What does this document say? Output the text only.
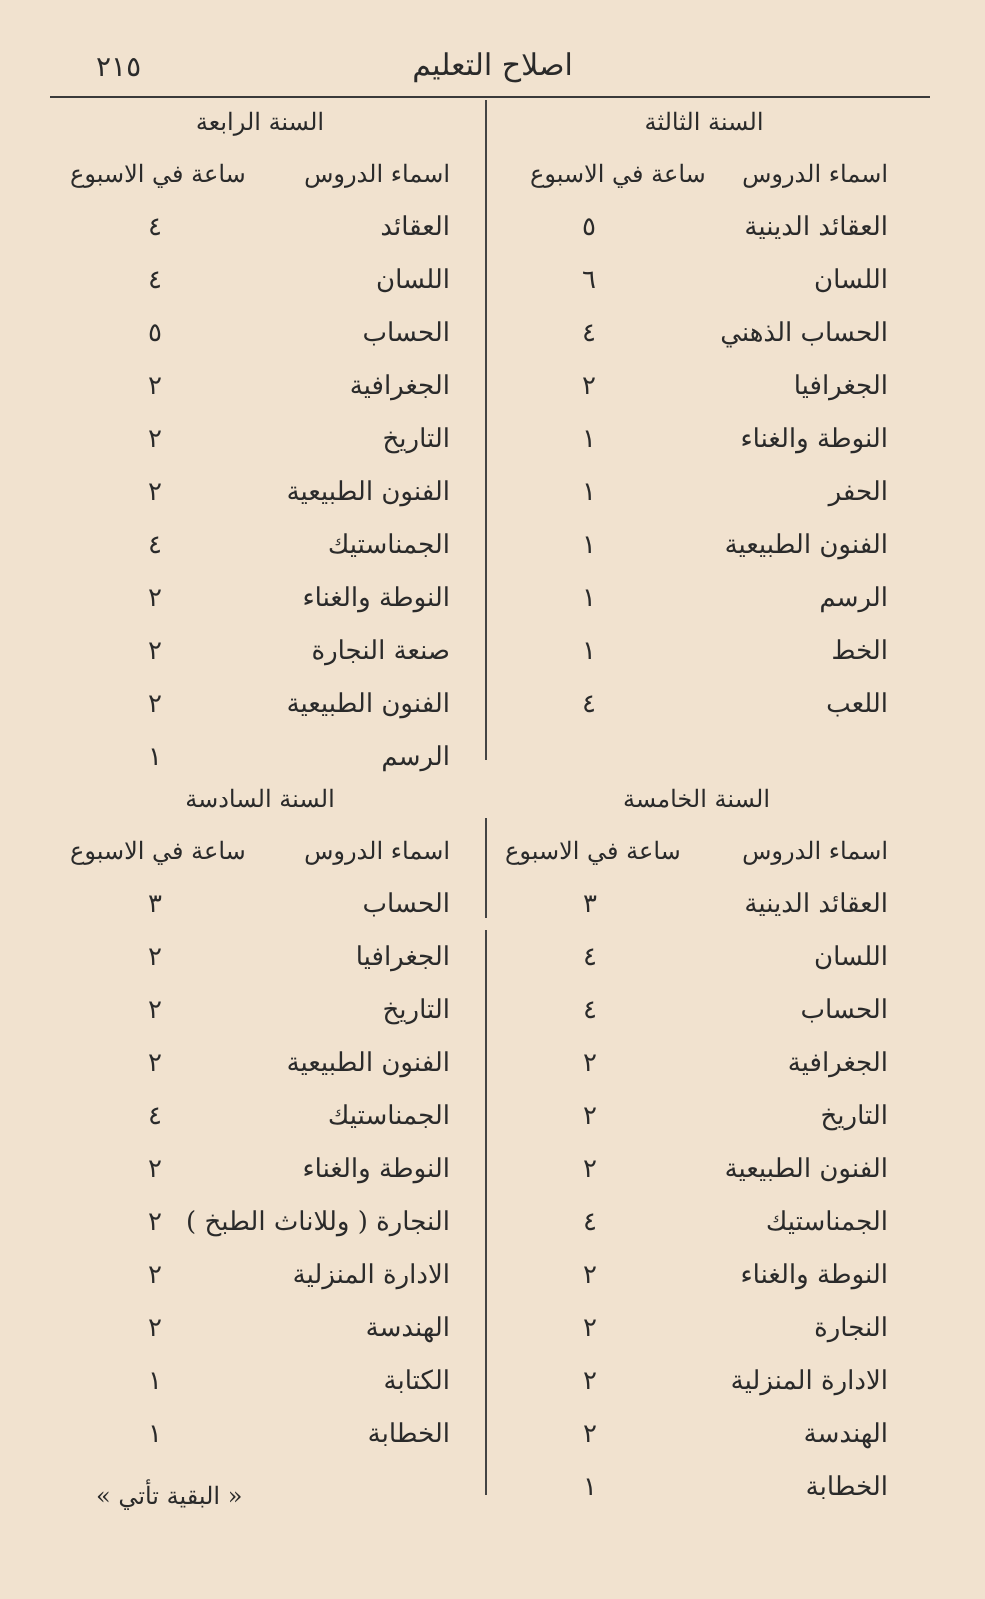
٢١٥	اصلاح التعليم
السنة الثالثة
اسماء الدروس
ساعة في الاسبوع
العقائد الدينية
٥
اللسان
٦
الحساب الذهني
٤
الجغرافيا
٢
النوطة والغناء
١
الحفر
١
الفنون الطبيعية
١
الرسم
١
الخط
١
اللعب
٤
السنة الرابعة
اسماء الدروس
ساعة في الاسبوع
العقائد
٤
اللسان
٤
الحساب
٥
الجغرافية
٢
التاريخ
٢
الفنون الطبيعية
٢
الجمناستيك
٤
النوطة والغناء
٢
صنعة النجارة
٢
الفنون الطبيعية
٢
الرسم
١
السنة الخامسة
اسماء الدروس
ساعة في الاسبوع
العقائد الدينية
٣
اللسان
٤
الحساب
٤
الجغرافية
٢
التاريخ
٢
الفنون الطبيعية
٢
الجمناستيك
٤
النوطة والغناء
٢
النجارة
٢
الادارة المنزلية
٢
الهندسة
٢
الخطابة
١
السنة السادسة
اسماء الدروس
ساعة في الاسبوع
الحساب
٣
الجغرافيا
٢
التاريخ
٢
الفنون الطبيعية
٢
الجمناستيك
٤
النوطة والغناء
٢
النجارة ( وللاناث الطبخ )
٢
الادارة المنزلية
٢
الهندسة
٢
الكتابة
١
الخطابة
١
« البقية تأتي »
